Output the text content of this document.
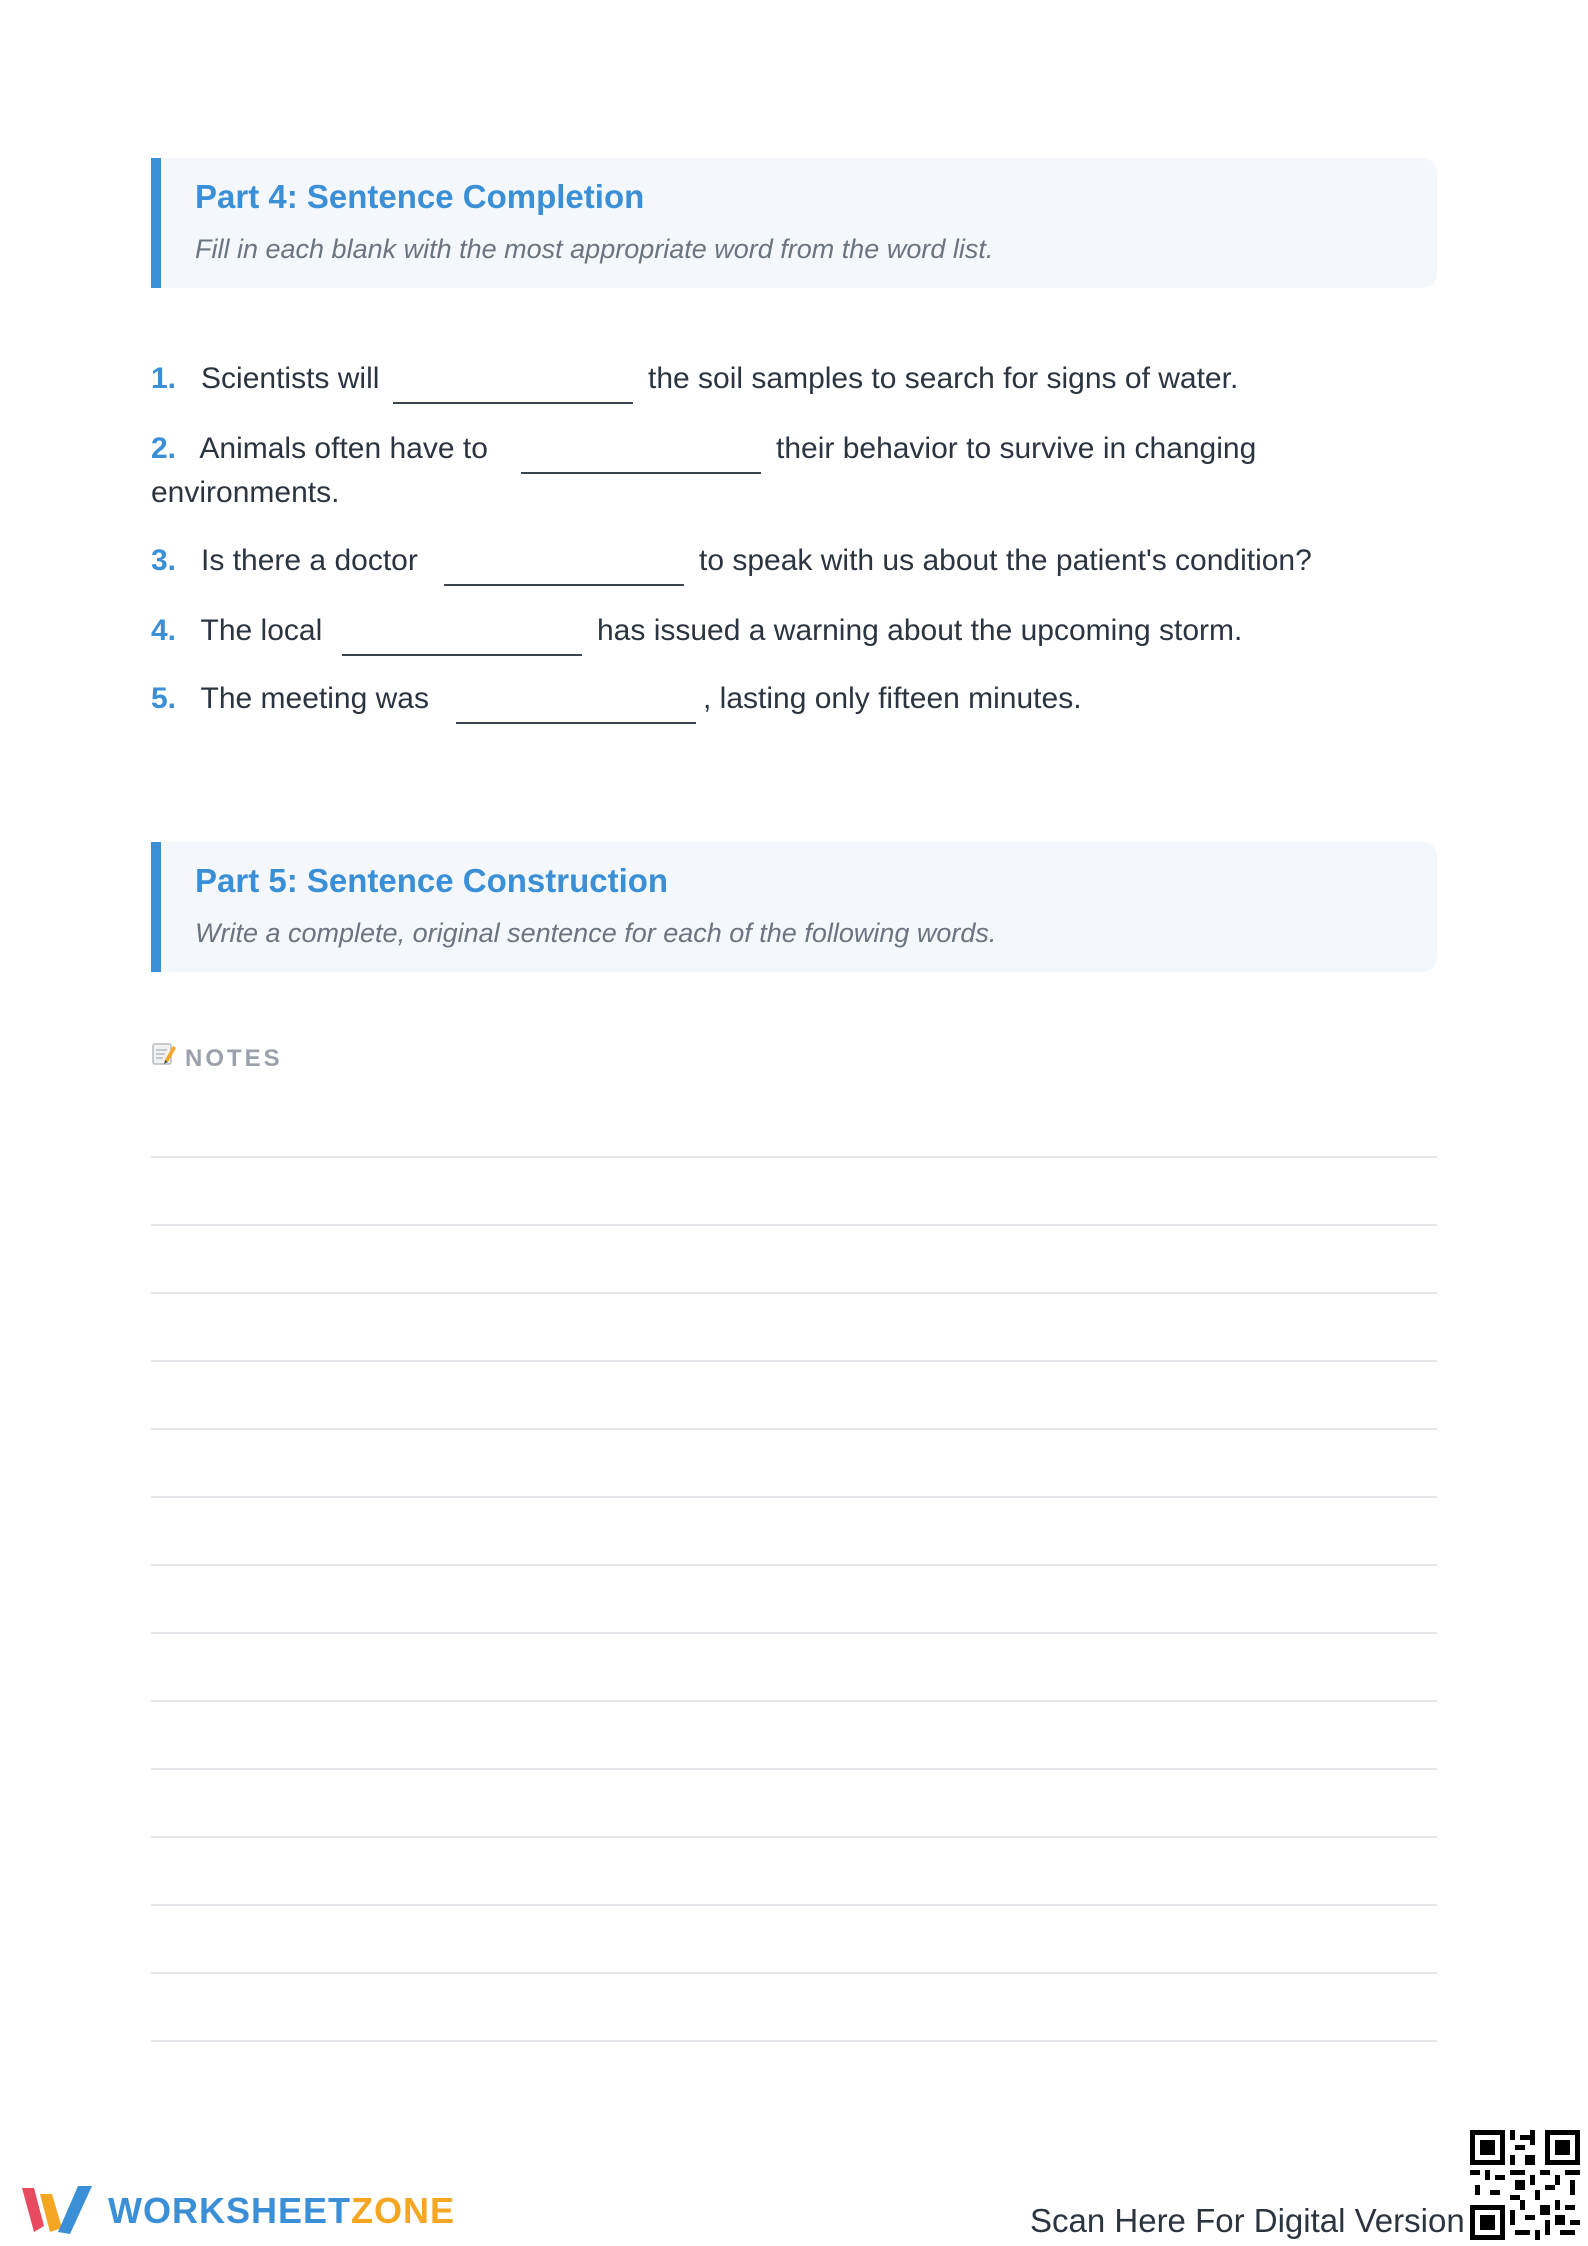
Part 4: Sentence Completion
Fill in each blank with the most appropriate word from the word list.
1. Scientists will	the soil samples to search for signs of water.
2. Animals often have to	their behavior to survive in changing
environments.
3. Is there a doctor	to speak with us about the patient's condition?
4. The local	has issued a warning about the upcoming storm.
5. The meeting was	, lasting only fifteen minutes.
Part 5: Sentence Construction
Write a complete, original sentence for each of the following words.
NOTES
WORKSHEETZONE	Scan Here For Digital Version
